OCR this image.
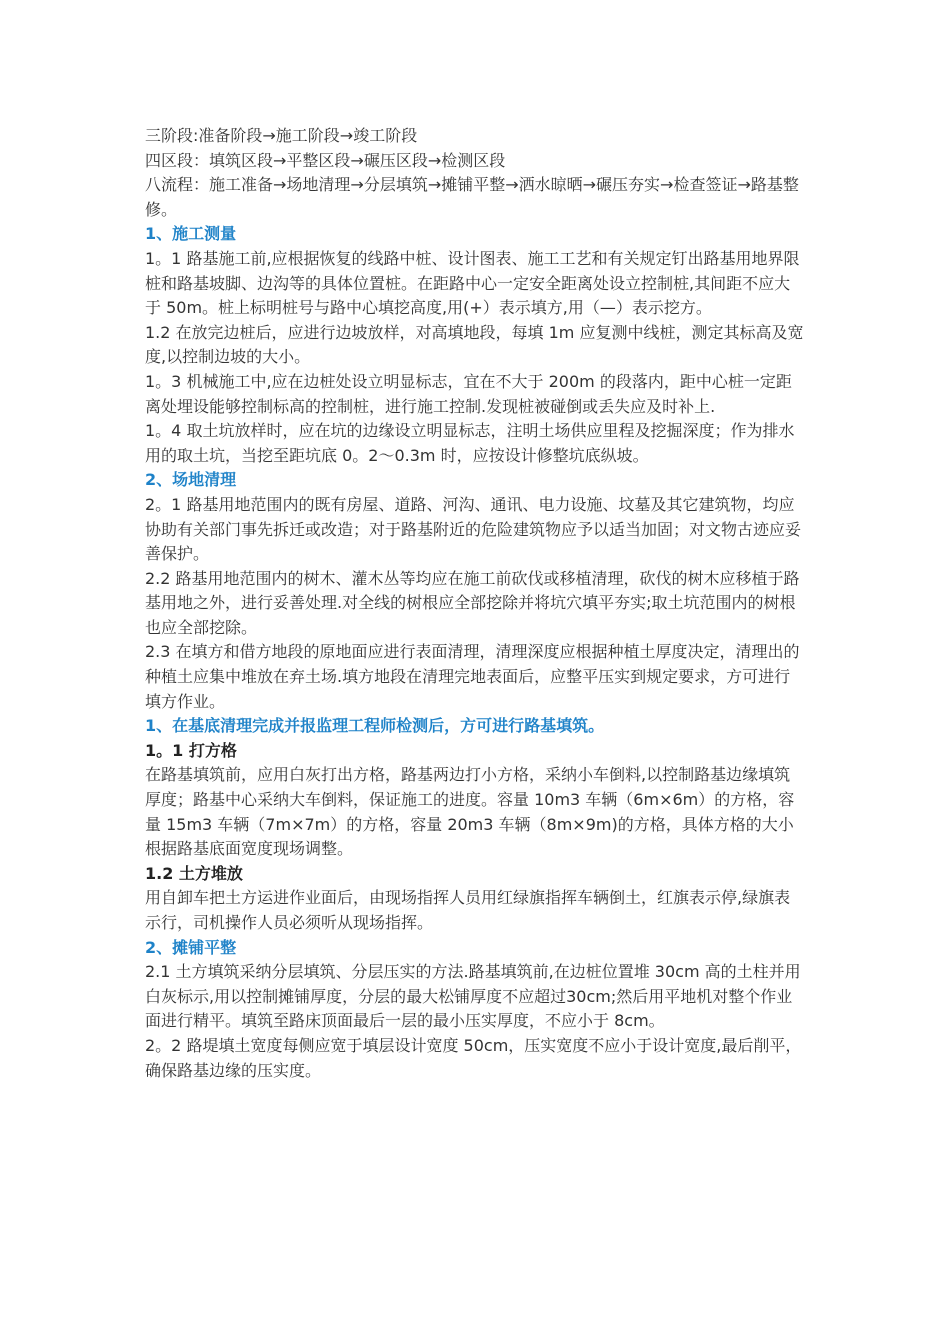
三阶段:准备阶段→施工阶段→竣工阶段

四区段：填筑区段→平整区段→碾压区段→检测区段

八流程：施工准备→场地清理→分层填筑→摊铺平整→洒水晾晒→碾压夯实→检查签证→路基整修。

1、施工测量

1。1 路基施工前,应根据恢复的线路中桩、设计图表、施工工艺和有关规定钉出路基用地界限桩和路基坡脚、边沟等的具体位置桩。在距路中心一定安全距离处设立控制桩,其间距不应大于 50m。桩上标明桩号与路中心填挖高度,用(+）表示填方,用（—）表示挖方。

1.2 在放完边桩后，应进行边坡放样，对高填地段，每填 1m 应复测中线桩，测定其标高及宽度,以控制边坡的大小。

1。3 机械施工中,应在边桩处设立明显标志，宜在不大于 200m 的段落内，距中心桩一定距离处埋设能够控制标高的控制桩，进行施工控制.发现桩被碰倒或丢失应及时补上.

1。4 取土坑放样时，应在坑的边缘设立明显标志，注明土场供应里程及挖掘深度；作为排水用的取土坑，当挖至距坑底 0。2～0.3m 时，应按设计修整坑底纵坡。

2、场地清理

2。1 路基用地范围内的既有房屋、道路、河沟、通讯、电力设施、坟墓及其它建筑物，均应协助有关部门事先拆迁或改造；对于路基附近的危险建筑物应予以适当加固；对文物古迹应妥善保护。

2.2 路基用地范围内的树木、灌木丛等均应在施工前砍伐或移植清理，砍伐的树木应移植于路基用地之外，进行妥善处理.对全线的树根应全部挖除并将坑穴填平夯实;取土坑范围内的树根也应全部挖除。

2.3 在填方和借方地段的原地面应进行表面清理，清理深度应根据种植土厚度决定，清理出的种植土应集中堆放在弃土场.填方地段在清理完地表面后，应整平压实到规定要求，方可进行填方作业。

1、在基底清理完成并报监理工程师检测后，方可进行路基填筑。

1。1 打方格

在路基填筑前，应用白灰打出方格，路基两边打小方格，采纳小车倒料,以控制路基边缘填筑厚度；路基中心采纳大车倒料，保证施工的进度。容量 10m3 车辆（6m×6m）的方格，容量 15m3 车辆（7m×7m）的方格，容量 20m3 车辆（8m×9m)的方格，具体方格的大小根据路基底面宽度现场调整。

1.2 土方堆放

用自卸车把土方运进作业面后，由现场指挥人员用红绿旗指挥车辆倒土，红旗表示停,绿旗表示行，司机操作人员必须听从现场指挥。

2、摊铺平整

2.1 土方填筑采纳分层填筑、分层压实的方法.路基填筑前,在边桩位置堆 30cm 高的土柱并用白灰标示,用以控制摊铺厚度，分层的最大松铺厚度不应超过30cm;然后用平地机对整个作业面进行精平。填筑至路床顶面最后一层的最小压实厚度，不应小于 8cm。

2。2 路堤填土宽度每侧应宽于填层设计宽度 50cm，压实宽度不应小于设计宽度,最后削平，确保路基边缘的压实度。
